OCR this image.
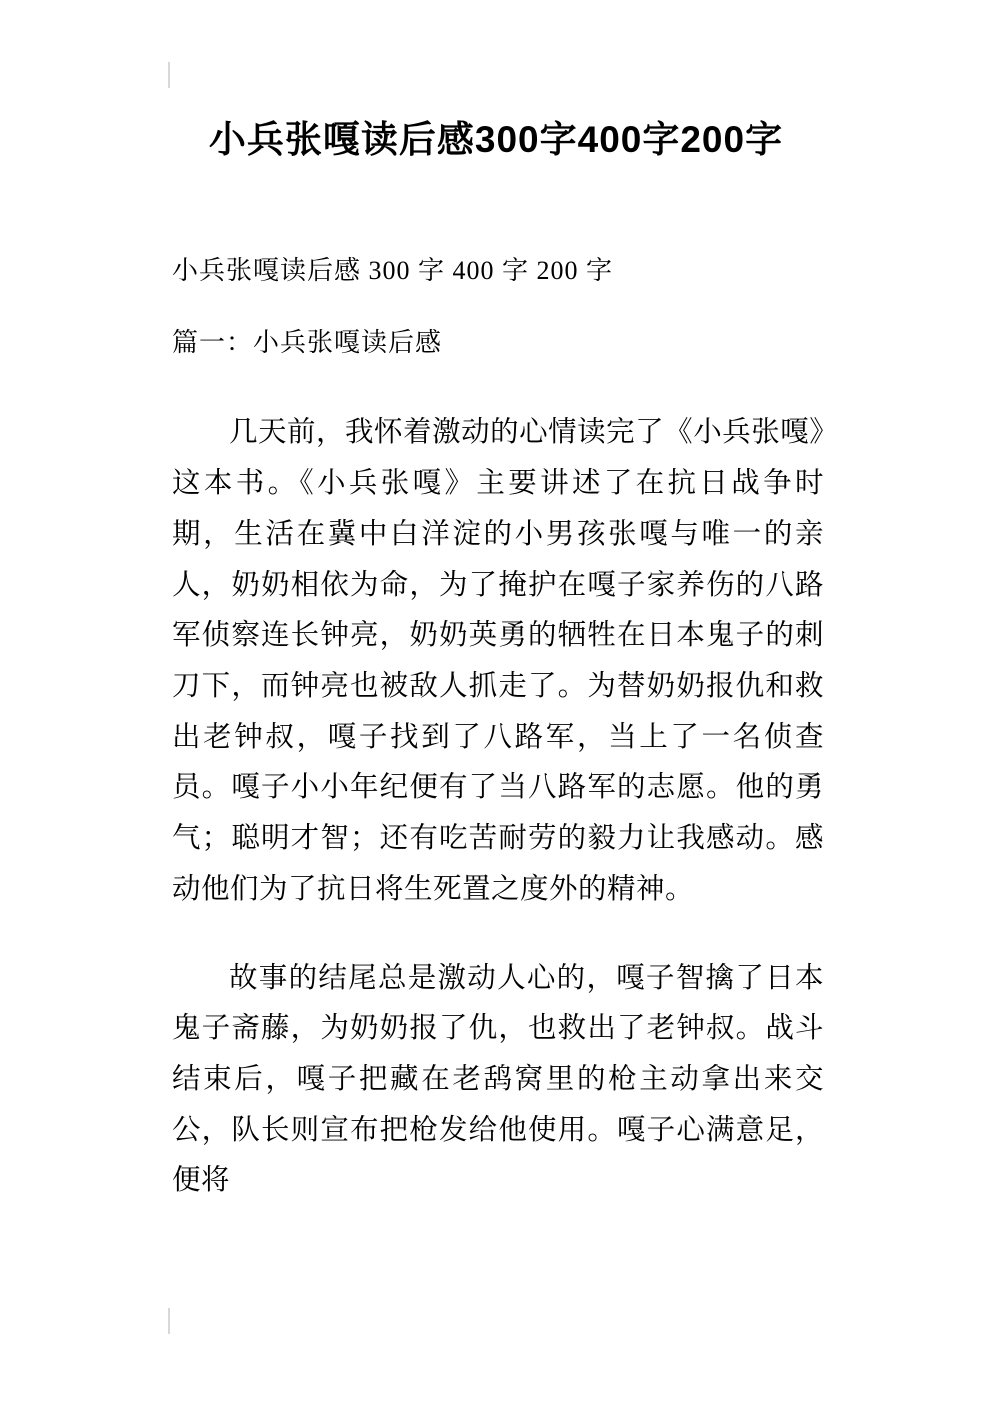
小兵张嘎读后感300字400字200字

小兵张嘎读后感 300 字 400 字 200 字

篇一：小兵张嘎读后感

几天前，我怀着激动的心情读完了《小兵张嘎》这本书。《小兵张嘎》主要讲述了在抗日战争时期，生活在冀中白洋淀的小男孩张嘎与唯一的亲人，奶奶相依为命，为了掩护在嘎子家养伤的八路军侦察连长钟亮，奶奶英勇的牺牲在日本鬼子的刺刀下，而钟亮也被敌人抓走了。为替奶奶报仇和救出老钟叔，嘎子找到了八路军，当上了一名侦查员。嘎子小小年纪便有了当八路军的志愿。他的勇气；聪明才智；还有吃苦耐劳的毅力让我感动。感动他们为了抗日将生死置之度外的精神。

故事的结尾总是激动人心的，嘎子智擒了日本鬼子斋藤，为奶奶报了仇，也救出了老钟叔。战斗结束后，嘎子把藏在老鸹窝里的枪主动拿出来交公，队长则宣布把枪发给他使用。嘎子心满意足，便将
